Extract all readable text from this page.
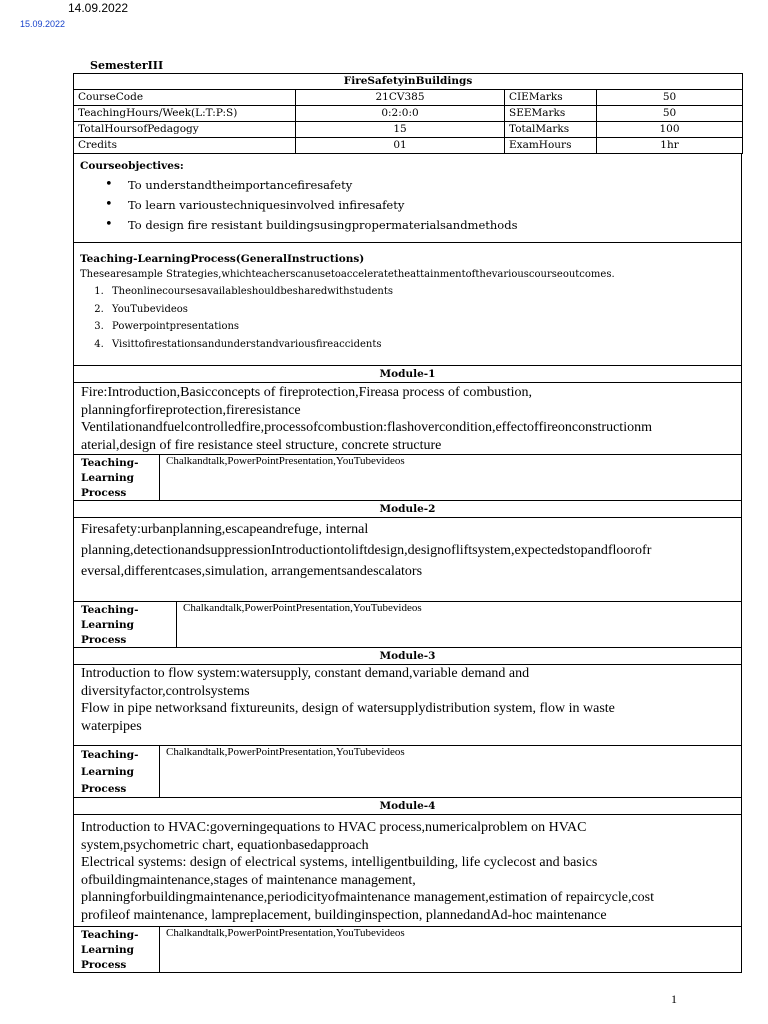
14.09.2022
15.09.2022
SemesterIII
FireSafetyinBuildings			
CourseCode	21CV385	CIEMarks	50
TeachingHours/Week(L:T:P:S)	0:2:0:0	SEEMarks	50
TotalHoursofPedagogy	15	TotalMarks	100
Credits	01	ExamHours	1hr
Courseobjectives:
• To understandtheimportancefiresafety
• To learn varioustechniquesinvolved infiresafety
• To design fire resistant buildingsusingpropermaterialsandmethods
Teaching-LearningProcess(GeneralInstructions)
Thesearesample Strategies,whichteacherscanusetoacceleratetheattainmentofthevariouscourseoutcomes.
1. Theonlinecoursesavailableshouldbesharedwithstudents
2. YouTubevideos
3. Powerpointpresentations
4. Visittofirestationsandunderstandvariousfireaccidents
Module-1

Fire:Introduction,Basicconcepts of fireprotection,Fireasa process of combustion,

planningforfireprotection,fireresistance

Ventilationandfuelcontrolledfire,processofcombustion:flashovercondition,effectoffireonconstructionm

aterial,design of fire resistance steel structure, concrete structure

Teaching-
Learning
Process
Chalkandtalk,PowerPointPresentation,YouTubevideos
Module-2

Firesafety:urbanplanning,escapeandrefuge, internal

planning,detectionandsuppressionIntroductiontoliftdesign,designofliftsystem,expectedstopandfloorofr

eversal,differentcases,simulation, arrangementsandescalators

Teaching-
Learning
Process
Chalkandtalk,PowerPointPresentation,YouTubevideos
Module-3

Introduction to flow system:watersupply, constant demand,variable demand and

diversityfactor,controlsystems

Flow in pipe networksand fixtureunits, design of watersupplydistribution system, flow in waste

waterpipes

Teaching-
Learning
Process
Chalkandtalk,PowerPointPresentation,YouTubevideos
Module-4

Introduction to HVAC:governingequations to HVAC process,numericalproblem on HVAC

system,psychometric chart, equationbasedapproach

Electrical systems: design of electrical systems, intelligentbuilding, life cyclecost and basics

ofbuildingmaintenance,stages of maintenance management,

planningforbuildingmaintenance,periodicityofmaintenance management,estimation of repaircycle,cost

profileof maintenance, lampreplacement, buildinginspection, plannedandAd-hoc maintenance

Teaching-
Learning
Process
Chalkandtalk,PowerPointPresentation,YouTubevideos
1
